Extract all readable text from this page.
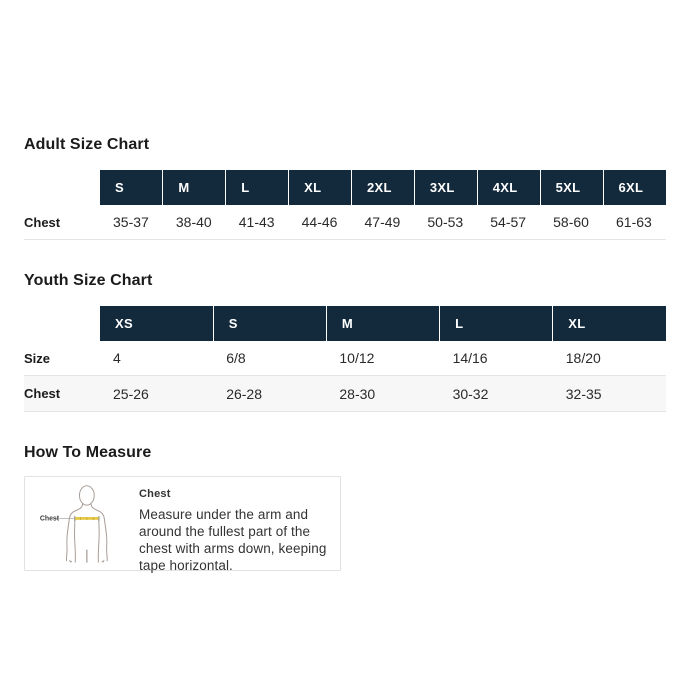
Adult Size Chart
	S	M	L	XL	2XL	3XL	4XL	5XL	6XL
Chest	35-37	38-40	41-43	44-46	47-49	50-53	54-57	58-60	61-63
Youth Size Chart
	XS	S	M	L	XL
Size	4	6/8	10/12	14/16	18/20
Chest	25-26	26-28	28-30	30-32	32-35
How To Measure
Chest

Chest

Measure under the arm and around the fullest part of the chest with arms down, keeping tape horizontal.
